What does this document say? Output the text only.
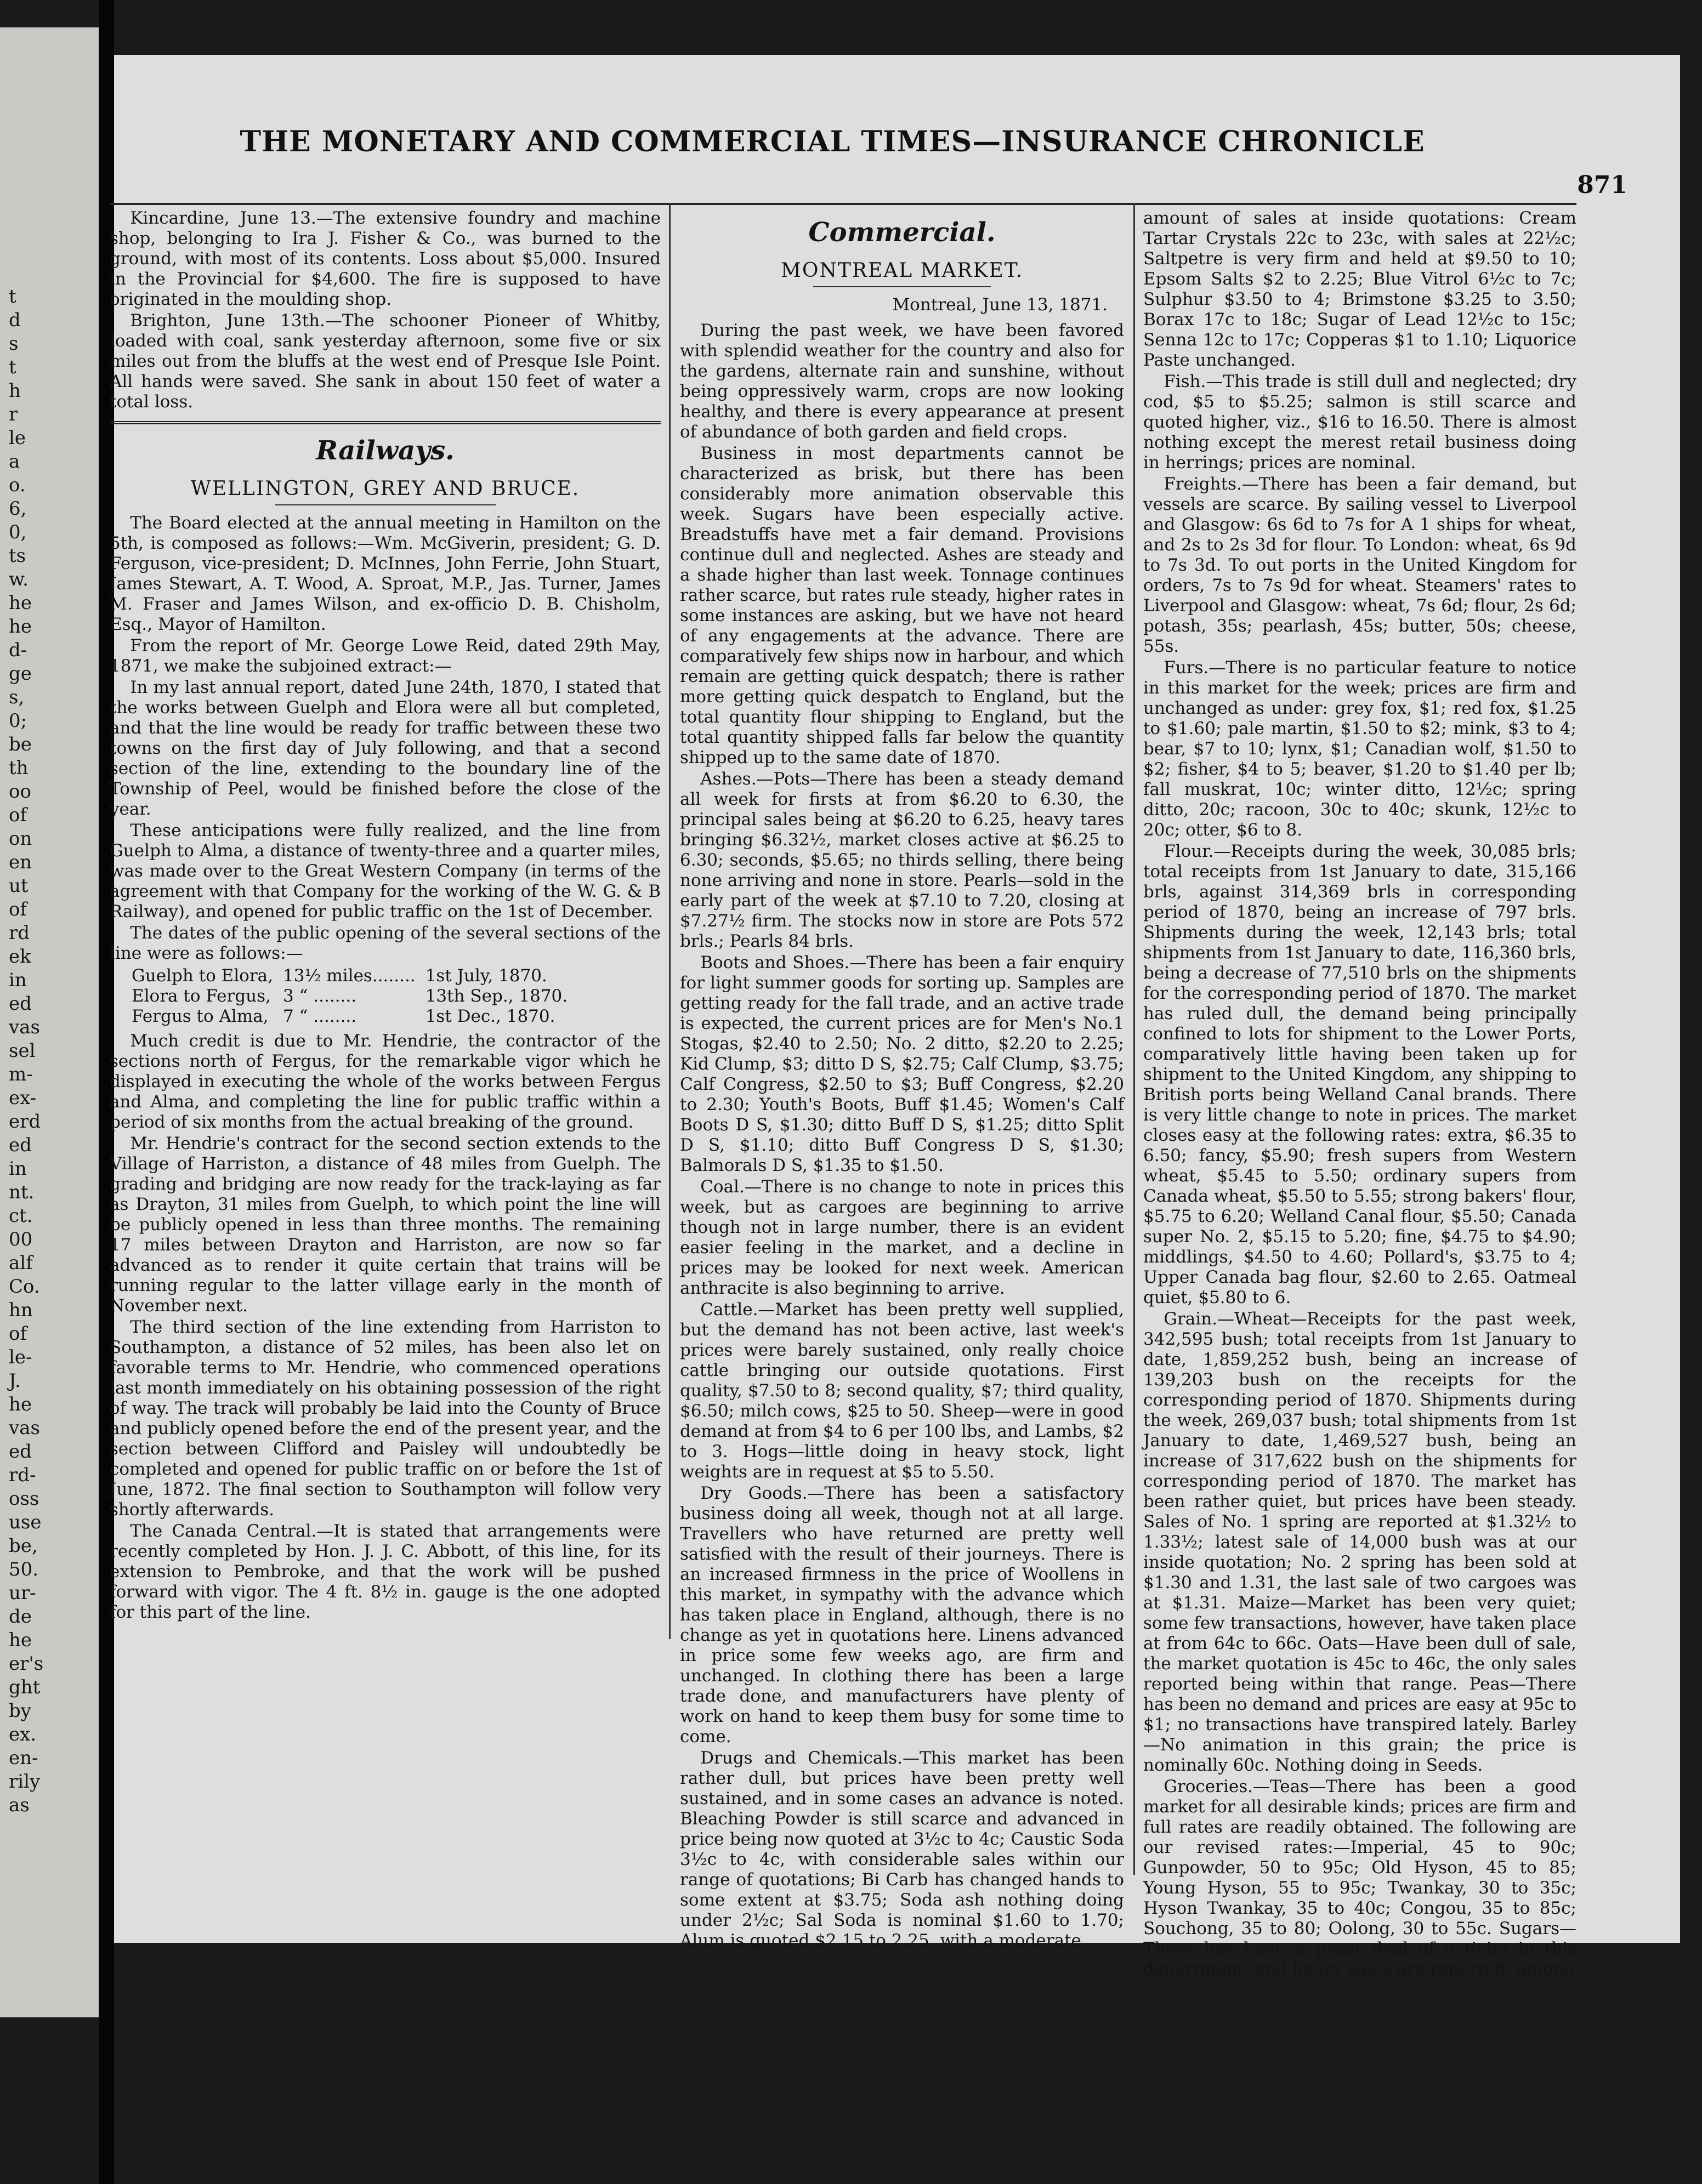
t
d
s
t
h
r
le
a
o.
6,
0,
ts
w.
he
he
d-
ge
s,
0;
be
th
oo
of
on
en
ut
of
rd
ek
in
ed
vas
sel
m-
ex-
erd
ed
in
nt.
ct.
00
alf
Co.
hn
of
le-
J.
he
vas
ed
rd-
oss
use
be,
50.
ur-
de
he
er's
ght
by
ex.
en-
rily
as
THE MONETARY AND COMMERCIAL TIMES—INSURANCE CHRONICLE
871

Kincardine, June 13.—The extensive foundry and machine shop, belonging to Ira J. Fisher & Co., was burned to the ground, with most of its contents. Loss about $5,000. Insured in the Provincial for $4,600. The fire is supposed to have originated in the moulding shop.

Brighton, June 13th.—The schooner Pioneer of Whitby, loaded with coal, sank yesterday afternoon, some five or six miles out from the bluffs at the west end of Presque Isle Point. All hands were saved. She sank in about 150 feet of water a total loss.

Railways.
WELLINGTON, GREY AND BRUCE.

The Board elected at the annual meeting in Hamilton on the 5th, is composed as follows:—Wm. McGiverin, president; G. D. Ferguson, vice-president; D. McInnes, John Ferrie, John Stuart, James Stewart, A. T. Wood, A. Sproat, M.P., Jas. Turner, James M. Fraser and James Wilson, and ex-officio D. B. Chisholm, Esq., Mayor of Hamilton.

From the report of Mr. George Lowe Reid, dated 29th May, 1871, we make the subjoined extract:—

In my last annual report, dated June 24th, 1870, I stated that the works between Guelph and Elora were all but completed, and that the line would be ready for traffic between these two towns on the first day of July following, and that a second section of the line, extending to the boundary line of the Township of Peel, would be finished before the close of the year.

These anticipations were fully realized, and the line from Guelph to Alma, a distance of twenty-three and a quarter miles, was made over to the Great Western Company (in terms of the agreement with that Company for the working of the W. G. & B Railway), and opened for public traffic on the 1st of December.

The dates of the public opening of the several sections of the line were as follows:—

Guelph to Elora,	13½ miles........	1st July, 1870.
Elora to Fergus,	3 “ ........	13th Sep., 1870.
Fergus to Alma,	7 “ ........	1st Dec., 1870.

Much credit is due to Mr. Hendrie, the contractor of the sections north of Fergus, for the remarkable vigor which he displayed in executing the whole of the works between Fergus and Alma, and completing the line for public traffic within a period of six months from the actual breaking of the ground.

Mr. Hendrie's contract for the second section extends to the Village of Harriston, a distance of 48 miles from Guelph. The grading and bridging are now ready for the track-laying as far as Drayton, 31 miles from Guelph, to which point the line will be publicly opened in less than three months. The remaining 17 miles between Drayton and Harriston, are now so far advanced as to render it quite certain that trains will be running regular to the latter village early in the month of November next.

The third section of the line extending from Harriston to Southampton, a distance of 52 miles, has been also let on favorable terms to Mr. Hendrie, who commenced operations last month immediately on his obtaining possession of the right of way. The track will probably be laid into the County of Bruce and publicly opened before the end of the present year, and the section between Clifford and Paisley will undoubtedly be completed and opened for public traffic on or before the 1st of June, 1872. The final section to Southampton will follow very shortly afterwards.

The Canada Central.—It is stated that arrangements were recently completed by Hon. J. J. C. Abbott, of this line, for its extension to Pembroke, and that the work will be pushed forward with vigor. The 4 ft. 8½ in. gauge is the one adopted for this part of the line.

Commercial.
MONTREAL MARKET.
Montreal, June 13, 1871.

During the past week, we have been favored with splendid weather for the country and also for the gardens, alternate rain and sunshine, without being oppressively warm, crops are now looking healthy, and there is every appearance at present of abundance of both garden and field crops.

Business in most departments cannot be characterized as brisk, but there has been considerably more animation observable this week. Sugars have been especially active. Breadstuffs have met a fair demand. Provisions continue dull and neglected. Ashes are steady and a shade higher than last week. Tonnage continues rather scarce, but rates rule steady, higher rates in some instances are asking, but we have not heard of any engagements at the advance. There are comparatively few ships now in harbour, and which remain are getting quick despatch; there is rather more getting quick despatch to England, but the total quantity flour shipping to England, but the total quantity shipped falls far below the quantity shipped up to the same date of 1870.

Ashes.—Pots—There has been a steady demand all week for firsts at from $6.20 to 6.30, the principal sales being at $6.20 to 6.25, heavy tares bringing $6.32½, market closes active at $6.25 to 6.30; seconds, $5.65; no thirds selling, there being none arriving and none in store. Pearls—sold in the early part of the week at $7.10 to 7.20, closing at $7.27½ firm. The stocks now in store are Pots 572 brls.; Pearls 84 brls.

Boots and Shoes.—There has been a fair enquiry for light summer goods for sorting up. Samples are getting ready for the fall trade, and an active trade is expected, the current prices are for Men's No.1 Stogas, $2.40 to 2.50; No. 2 ditto, $2.20 to 2.25; Kid Clump, $3; ditto D S, $2.75; Calf Clump, $3.75; Calf Congress, $2.50 to $3; Buff Congress, $2.20 to 2.30; Youth's Boots, Buff $1.45; Women's Calf Boots D S, $1.30; ditto Buff D S, $1.25; ditto Split D S, $1.10; ditto Buff Congress D S, $1.30; Balmorals D S, $1.35 to $1.50.

Coal.—There is no change to note in prices this week, but as cargoes are beginning to arrive though not in large number, there is an evident easier feeling in the market, and a decline in prices may be looked for next week. American anthracite is also beginning to arrive.

Cattle.—Market has been pretty well supplied, but the demand has not been active, last week's prices were barely sustained, only really choice cattle bringing our outside quotations. First quality, $7.50 to 8; second quality, $7; third quality, $6.50; milch cows, $25 to 50. Sheep—were in good demand at from $4 to 6 per 100 lbs, and Lambs, $2 to 3. Hogs—little doing in heavy stock, light weights are in request at $5 to 5.50.

Dry Goods.—There has been a satisfactory business doing all week, though not at all large. Travellers who have returned are pretty well satisfied with the result of their journeys. There is an increased firmness in the price of Woollens in this market, in sympathy with the advance which has taken place in England, although, there is no change as yet in quotations here. Linens advanced in price some few weeks ago, are firm and unchanged. In clothing there has been a large trade done, and manufacturers have plenty of work on hand to keep them busy for some time to come.

Drugs and Chemicals.—This market has been rather dull, but prices have been pretty well sustained, and in some cases an advance is noted. Bleaching Powder is still scarce and advanced in price being now quoted at 3½c to 4c; Caustic Soda 3½c to 4c, with considerable sales within our range of quotations; Bi Carb has changed hands to some extent at $3.75; Soda ash nothing doing under 2½c; Sal Soda is nominal $1.60 to 1.70; Alum is quoted $2.15 to 2.25, with a moderate

amount of sales at inside quotations: Cream Tartar Crystals 22c to 23c, with sales at 22½c; Saltpetre is very firm and held at $9.50 to 10; Epsom Salts $2 to 2.25; Blue Vitrol 6½c to 7c; Sulphur $3.50 to 4; Brimstone $3.25 to 3.50; Borax 17c to 18c; Sugar of Lead 12½c to 15c; Senna 12c to 17c; Copperas $1 to 1.10; Liquorice Paste unchanged.

Fish.—This trade is still dull and neglected; dry cod, $5 to $5.25; salmon is still scarce and quoted higher, viz., $16 to 16.50. There is almost nothing except the merest retail business doing in herrings; prices are nominal.

Freights.—There has been a fair demand, but vessels are scarce. By sailing vessel to Liverpool and Glasgow: 6s 6d to 7s for A 1 ships for wheat, and 2s to 2s 3d for flour. To London: wheat, 6s 9d to 7s 3d. To out ports in the United Kingdom for orders, 7s to 7s 9d for wheat. Steamers' rates to Liverpool and Glasgow: wheat, 7s 6d; flour, 2s 6d; potash, 35s; pearlash, 45s; butter, 50s; cheese, 55s.

Furs.—There is no particular feature to notice in this market for the week; prices are firm and unchanged as under: grey fox, $1; red fox, $1.25 to $1.60; pale martin, $1.50 to $2; mink, $3 to 4; bear, $7 to 10; lynx, $1; Canadian wolf, $1.50 to $2; fisher, $4 to 5; beaver, $1.20 to $1.40 per lb; fall muskrat, 10c; winter ditto, 12½c; spring ditto, 20c; racoon, 30c to 40c; skunk, 12½c to 20c; otter, $6 to 8.

Flour.—Receipts during the week, 30,085 brls; total receipts from 1st January to date, 315,166 brls, against 314,369 brls in corresponding period of 1870, being an increase of 797 brls. Shipments during the week, 12,143 brls; total shipments from 1st January to date, 116,360 brls, being a decrease of 77,510 brls on the shipments for the corresponding period of 1870. The market has ruled dull, the demand being principally confined to lots for shipment to the Lower Ports, comparatively little having been taken up for shipment to the United Kingdom, any shipping to British ports being Welland Canal brands. There is very little change to note in prices. The market closes easy at the following rates: extra, $6.35 to 6.50; fancy, $5.90; fresh supers from Western wheat, $5.45 to 5.50; ordinary supers from Canada wheat, $5.50 to 5.55; strong bakers' flour, $5.75 to 6.20; Welland Canal flour, $5.50; Canada super No. 2, $5.15 to 5.20; fine, $4.75 to $4.90; middlings, $4.50 to 4.60; Pollard's, $3.75 to 4; Upper Canada bag flour, $2.60 to 2.65. Oatmeal quiet, $5.80 to 6.

Grain.—Wheat—Receipts for the past week, 342,595 bush; total receipts from 1st January to date, 1,859,252 bush, being an increase of 139,203 bush on the receipts for the corresponding period of 1870. Shipments during the week, 269,037 bush; total shipments from 1st January to date, 1,469,527 bush, being an increase of 317,622 bush on the shipments for corresponding period of 1870. The market has been rather quiet, but prices have been steady. Sales of No. 1 spring are reported at $1.32½ to 1.33½; latest sale of 14,000 bush was at our inside quotation; No. 2 spring has been sold at $1.30 and 1.31, the last sale of two cargoes was at $1.31. Maize—Market has been very quiet; some few transactions, however, have taken place at from 64c to 66c. Oats—Have been dull of sale, the market quotation is 45c to 46c, the only sales reported being within that range. Peas—There has been no demand and prices are easy at 95c to $1; no transactions have transpired lately. Barley—No animation in this grain; the price is nominally 60c. Nothing doing in Seeds.

Groceries.—Teas—There has been a good market for all desirable kinds; prices are firm and full rates are readily obtained. The following are our revised rates:—Imperial, 45 to 90c; Gunpowder, 50 to 95c; Old Hyson, 45 to 85; Young Hyson, 55 to 95c; Twankay, 30 to 35c; Hyson Twankay, 35 to 40c; Congou, 35 to 85c; Souchong, 35 to 80; Oolong, 30 to 55c. Sugars—There has been a great deal of activity in this department, and heavy sales are reported, among
